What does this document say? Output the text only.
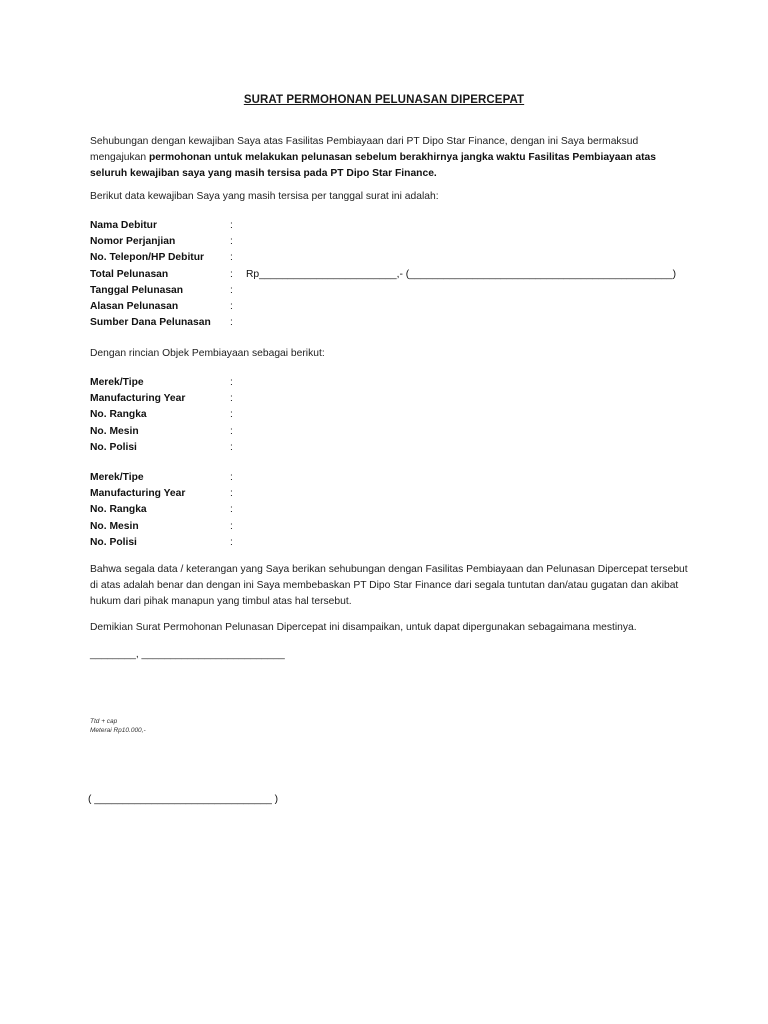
SURAT PERMOHONAN PELUNASAN DIPERCEPAT
Sehubungan dengan kewajiban Saya atas Fasilitas Pembiayaan dari PT Dipo Star Finance, dengan ini Saya bermaksud mengajukan permohonan untuk melakukan pelunasan sebelum berakhirnya jangka waktu Fasilitas Pembiayaan atas seluruh kewajiban saya yang masih tersisa pada PT Dipo Star Finance.
Berikut data kewajiban Saya yang masih tersisa per tanggal surat ini adalah:
Nama Debitur	:
Nomor Perjanjian	:
No. Telepon/HP Debitur	:
Total Pelunasan	:	Rp________________________,- (______________________________________________)
Tanggal Pelunasan	:
Alasan Pelunasan	:
Sumber Dana Pelunasan	:
Dengan rincian Objek Pembiayaan sebagai berikut:
Merek/Tipe	:
Manufacturing Year	:
No. Rangka	:
No. Mesin	:
No. Polisi	:
Merek/Tipe	:
Manufacturing Year	:
No. Rangka	:
No. Mesin	:
No. Polisi	:
Bahwa segala data / keterangan yang Saya berikan sehubungan dengan Fasilitas Pembiayaan dan Pelunasan Dipercepat tersebut di atas adalah benar dan dengan ini Saya membebaskan PT Dipo Star Finance dari segala tuntutan dan/atau gugatan dan akibat hukum dari pihak manapun yang timbul atas hal tersebut.
Demikian Surat Permohonan Pelunasan Dipercepat ini disampaikan, untuk dapat dipergunakan sebagaimana mestinya.
________, _________________________
Ttd + cap
Meterai Rp10.000,-
( _______________________________ )
